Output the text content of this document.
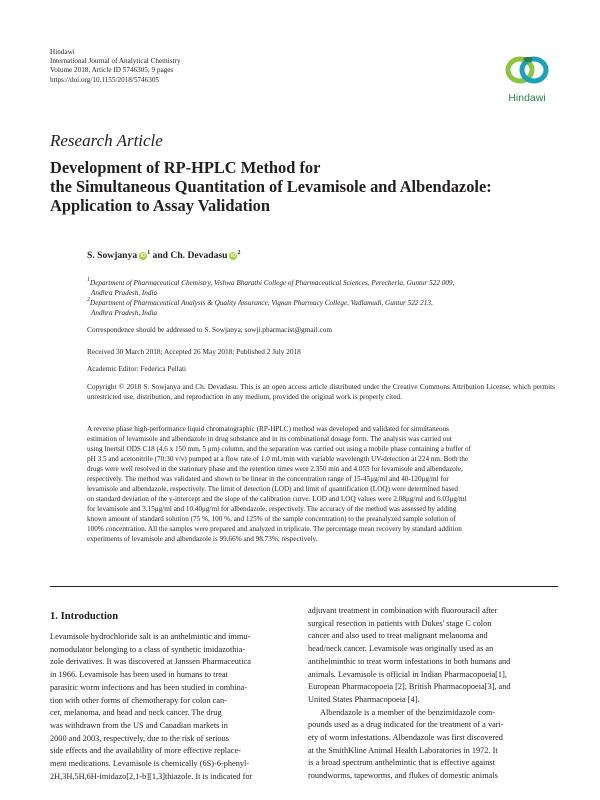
Hindawi
International Journal of Analytical Chemistry
Volume 2018, Article ID 5746305, 9 pages
https://doi.org/10.1155/2018/5746305
Hindawi
Research Article
Development of RP-HPLC Method for
the Simultaneous Quantitation of Levamisole and Albendazole:
Application to Assay Validation
S. Sowjanya iD $^1$ and Ch. Devadasu iD $^2$
$^1$Department of Pharmaceutical Chemistry, Vishwa Bharathi College of Pharmaceutical Sciences, Perecherla, Guntur 522 009,
Andhra Pradesh, India
$^2$Department of Pharmaceutical Analysis & Quality Assurance, Vignan Pharmacy College, Vadlamudi, Guntur 522 213,
Andhra Pradesh, India
Correspondence should be addressed to S. Sowjanya; sowji.pharmacist@gmail.com
Received 30 March 2018; Accepted 26 May 2018; Published 2 July 2018
Academic Editor: Federica Pellati
Copyright © 2018 S. Sowjanya and Ch. Devadasu. This is an open access article distributed under the Creative Commons Attribution License, which permits unrestricted use, distribution, and reproduction in any medium, provided the original work is properly cited.
A reverse phase high-performance liquid chromatographic (RP-HPLC) method was developed and validated for simultaneous
estimation of levamisole and albendazole in drug substance and in its combinational dosage form. The analysis was carried out
using Inertsil ODS C18 (4.6 x 150 mm, 5 μm) column, and the separation was carried out using a mobile phase containing a buffer of
pH 3.5 and acetonitrile (70:30 v/v) pumped at a flow rate of 1.0 mL/min with variable wavelength UV-detection at 224 nm. Both the
drugs were well resolved in the stationary phase and the retention times were 2.350 min and 4.055 for levamisole and albendazole,
respectively. The method was validated and shown to be linear in the concentration range of 15-45μg/ml and 40-120μg/ml for
levamisole and albendazole, respectively. The limit of detection (LOD) and limit of quantification (LOQ) were determined based
on standard deviation of the y-intercept and the slope of the calibration curve. LOD and LOQ values were 2.08μg/ml and 6.03μg/ml
for levamisole and 3.15μg/ml and 10.40μg/ml for albendazole, respectively. The accuracy of the method was assessed by adding
known amount of standard solution (75 %, 100 %, and 125% of the sample concentration) to the preanalyzed sample solution of
100% concentration. All the samples were prepared and analyzed in triplicate. The percentage mean recovery by standard addition
experiments of levamisole and albendazole is 99.66% and 98.73%, respectively.
1. Introduction
Levamisole hydrochloride salt is an anthelmintic and immu-
nomodulator belonging to a class of synthetic imidazothia-
zole derivatives. It was discovered at Janssen Pharmaceutica
in 1966. Levamisole has been used in humans to treat
parasitic worm infections and has been studied in combina-
tion with other forms of chemotherapy for colon can-
cer, melanoma, and head and neck cancer. The drug
was withdrawn from the US and Canadian markets in
2000 and 2003, respectively, due to the risk of serious
side effects and the availability of more effective replace-
ment medications. Levamisole is chemically (6S)-6-phenyl-
2H,3H,5H,6H-imidazo[2,1-b][1,3]thiazole. It is indicated for
adjuvant treatment in combination with fluorouracil after
surgical resection in patients with Dukes' stage C colon
cancer and also used to treat malignant melanoma and
head/neck cancer. Levamisole was originally used as an
antihelminthic to treat worm infestations in both humans and
animals. Levamisole is official in Indian Pharmacopoeia[1],
European Pharmacopoeia [2], British Pharmacopoeia[3], and
United States Pharmacopoeia [4].
Albendazole is a member of the benzimidazole com-
pounds used as a drug indicated for the treatment of a vari-
ety of worm infestations. Albendazole was first discovered
at the SmithKline Animal Health Laboratories in 1972. It
is a broad spectrum anthelmintic that is effective against
roundworms, tapeworms, and flukes of domestic animals
